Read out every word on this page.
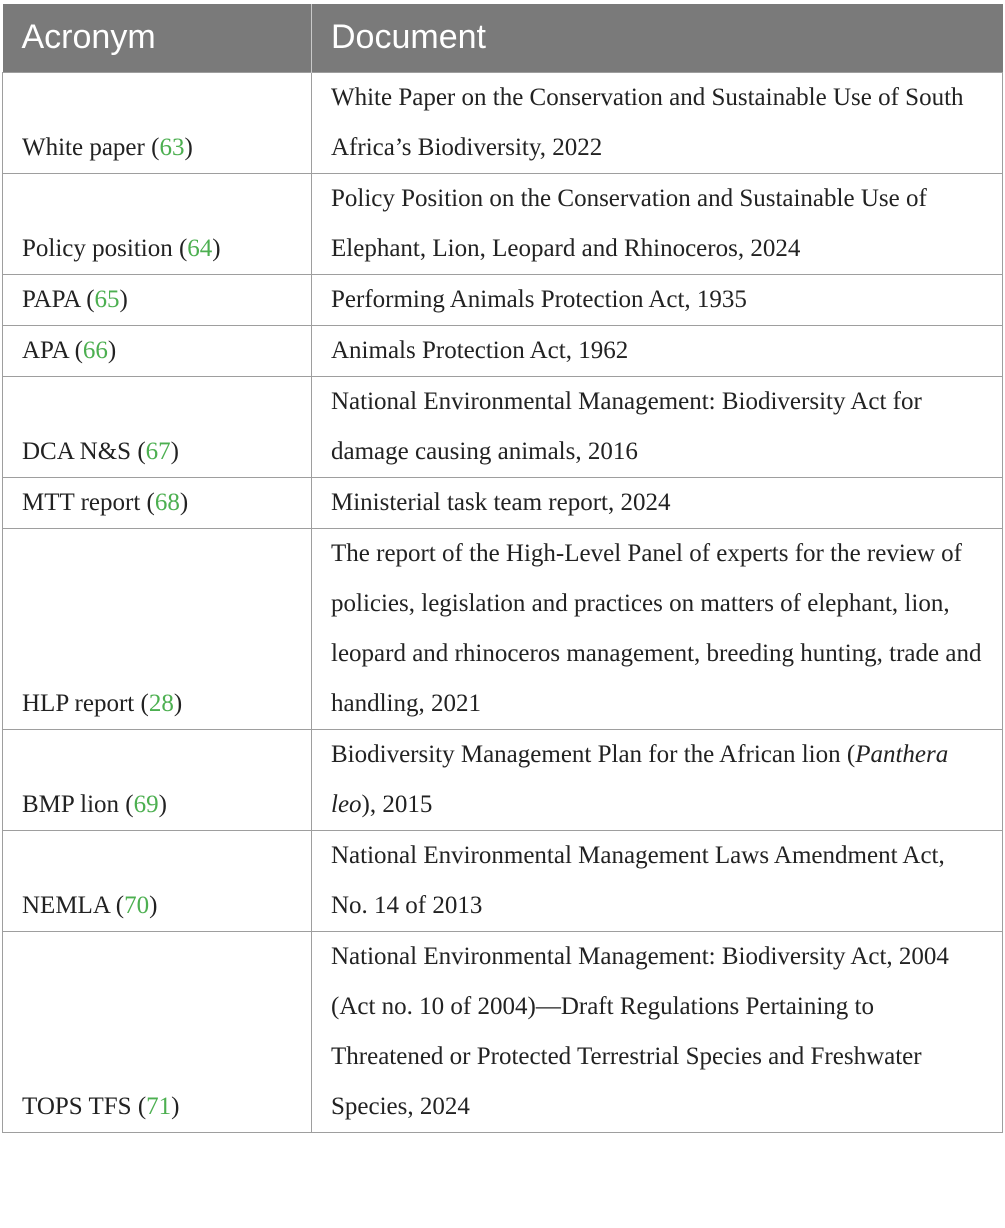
Acronym	Document
White paper (63)	White Paper on the Conservation and Sustainable Use of South Africa’s Biodiversity, 2022
Policy position (64)	Policy Position on the Conservation and Sustainable Use of Elephant, Lion, Leopard and Rhinoceros, 2024
PAPA (65)	Performing Animals Protection Act, 1935
APA (66)	Animals Protection Act, 1962
DCA N&S (67)	National Environmental Management: Biodiversity Act for damage causing animals, 2016
MTT report (68)	Ministerial task team report, 2024
HLP report (28)	The report of the High-Level Panel of experts for the review of policies, legislation and practices on matters of elephant, lion, leopard and rhinoceros management, breeding hunting, trade and handling, 2021
BMP lion (69)	Biodiversity Management Plan for the African lion (Panthera leo), 2015
NEMLA (70)	National Environmental Management Laws Amendment Act, No. 14 of 2013
TOPS TFS (71)	National Environmental Management: Biodiversity Act, 2004 (Act no. 10 of 2004)—Draft Regulations Pertaining to Threatened or Protected Terrestrial Species and Freshwater Species, 2024
